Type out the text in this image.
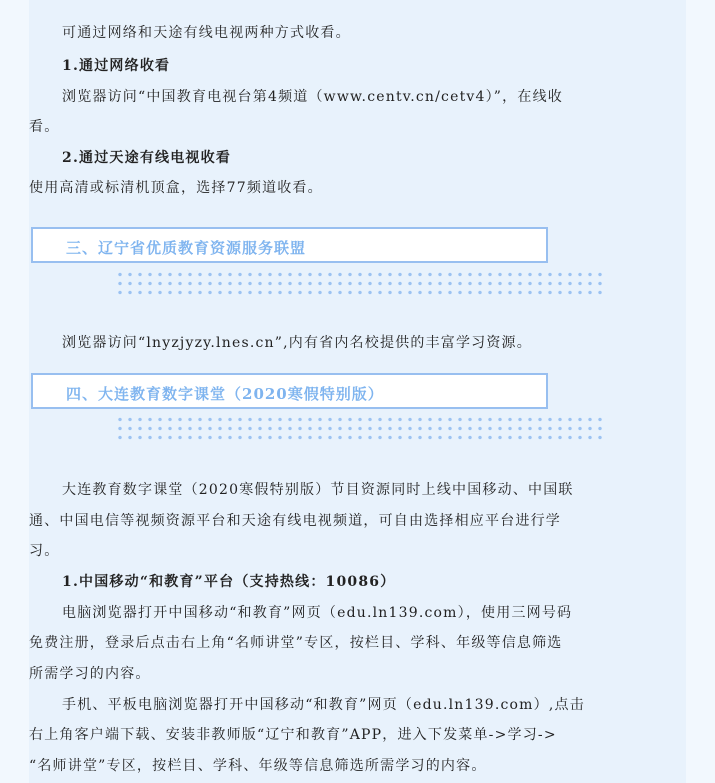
可通过网络和天途有线电视两种方式收看。
1.通过网络收看
浏览器访问“中国教育电视台第4频道（www.centv.cn/cetv4）”，在线收
看。
2.通过天途有线电视收看
使用高清或标清机顶盒，选择77频道收看。
三、辽宁省优质教育资源服务联盟
浏览器访问“lnyzjyzy.lnes.cn”,内有省内名校提供的丰富学习资源。
四、大连教育数字课堂（2020寒假特别版）
大连教育数字课堂（2020寒假特别版）节目资源同时上线中国移动、中国联
通、中国电信等视频资源平台和天途有线电视频道，可自由选择相应平台进行学
习。
1.中国移动“和教育”平台（支持热线：10086）
电脑浏览器打开中国移动“和教育”网页（edu.ln139.com），使用三网号码
免费注册，登录后点击右上角“名师讲堂”专区，按栏目、学科、年级等信息筛选
所需学习的内容。
手机、平板电脑浏览器打开中国移动“和教育”网页（edu.ln139.com）,点击
右上角客户端下载、安装非教师版“辽宁和教育”APP，进入下发菜单->学习->
“名师讲堂”专区，按栏目、学科、年级等信息筛选所需学习的内容。
